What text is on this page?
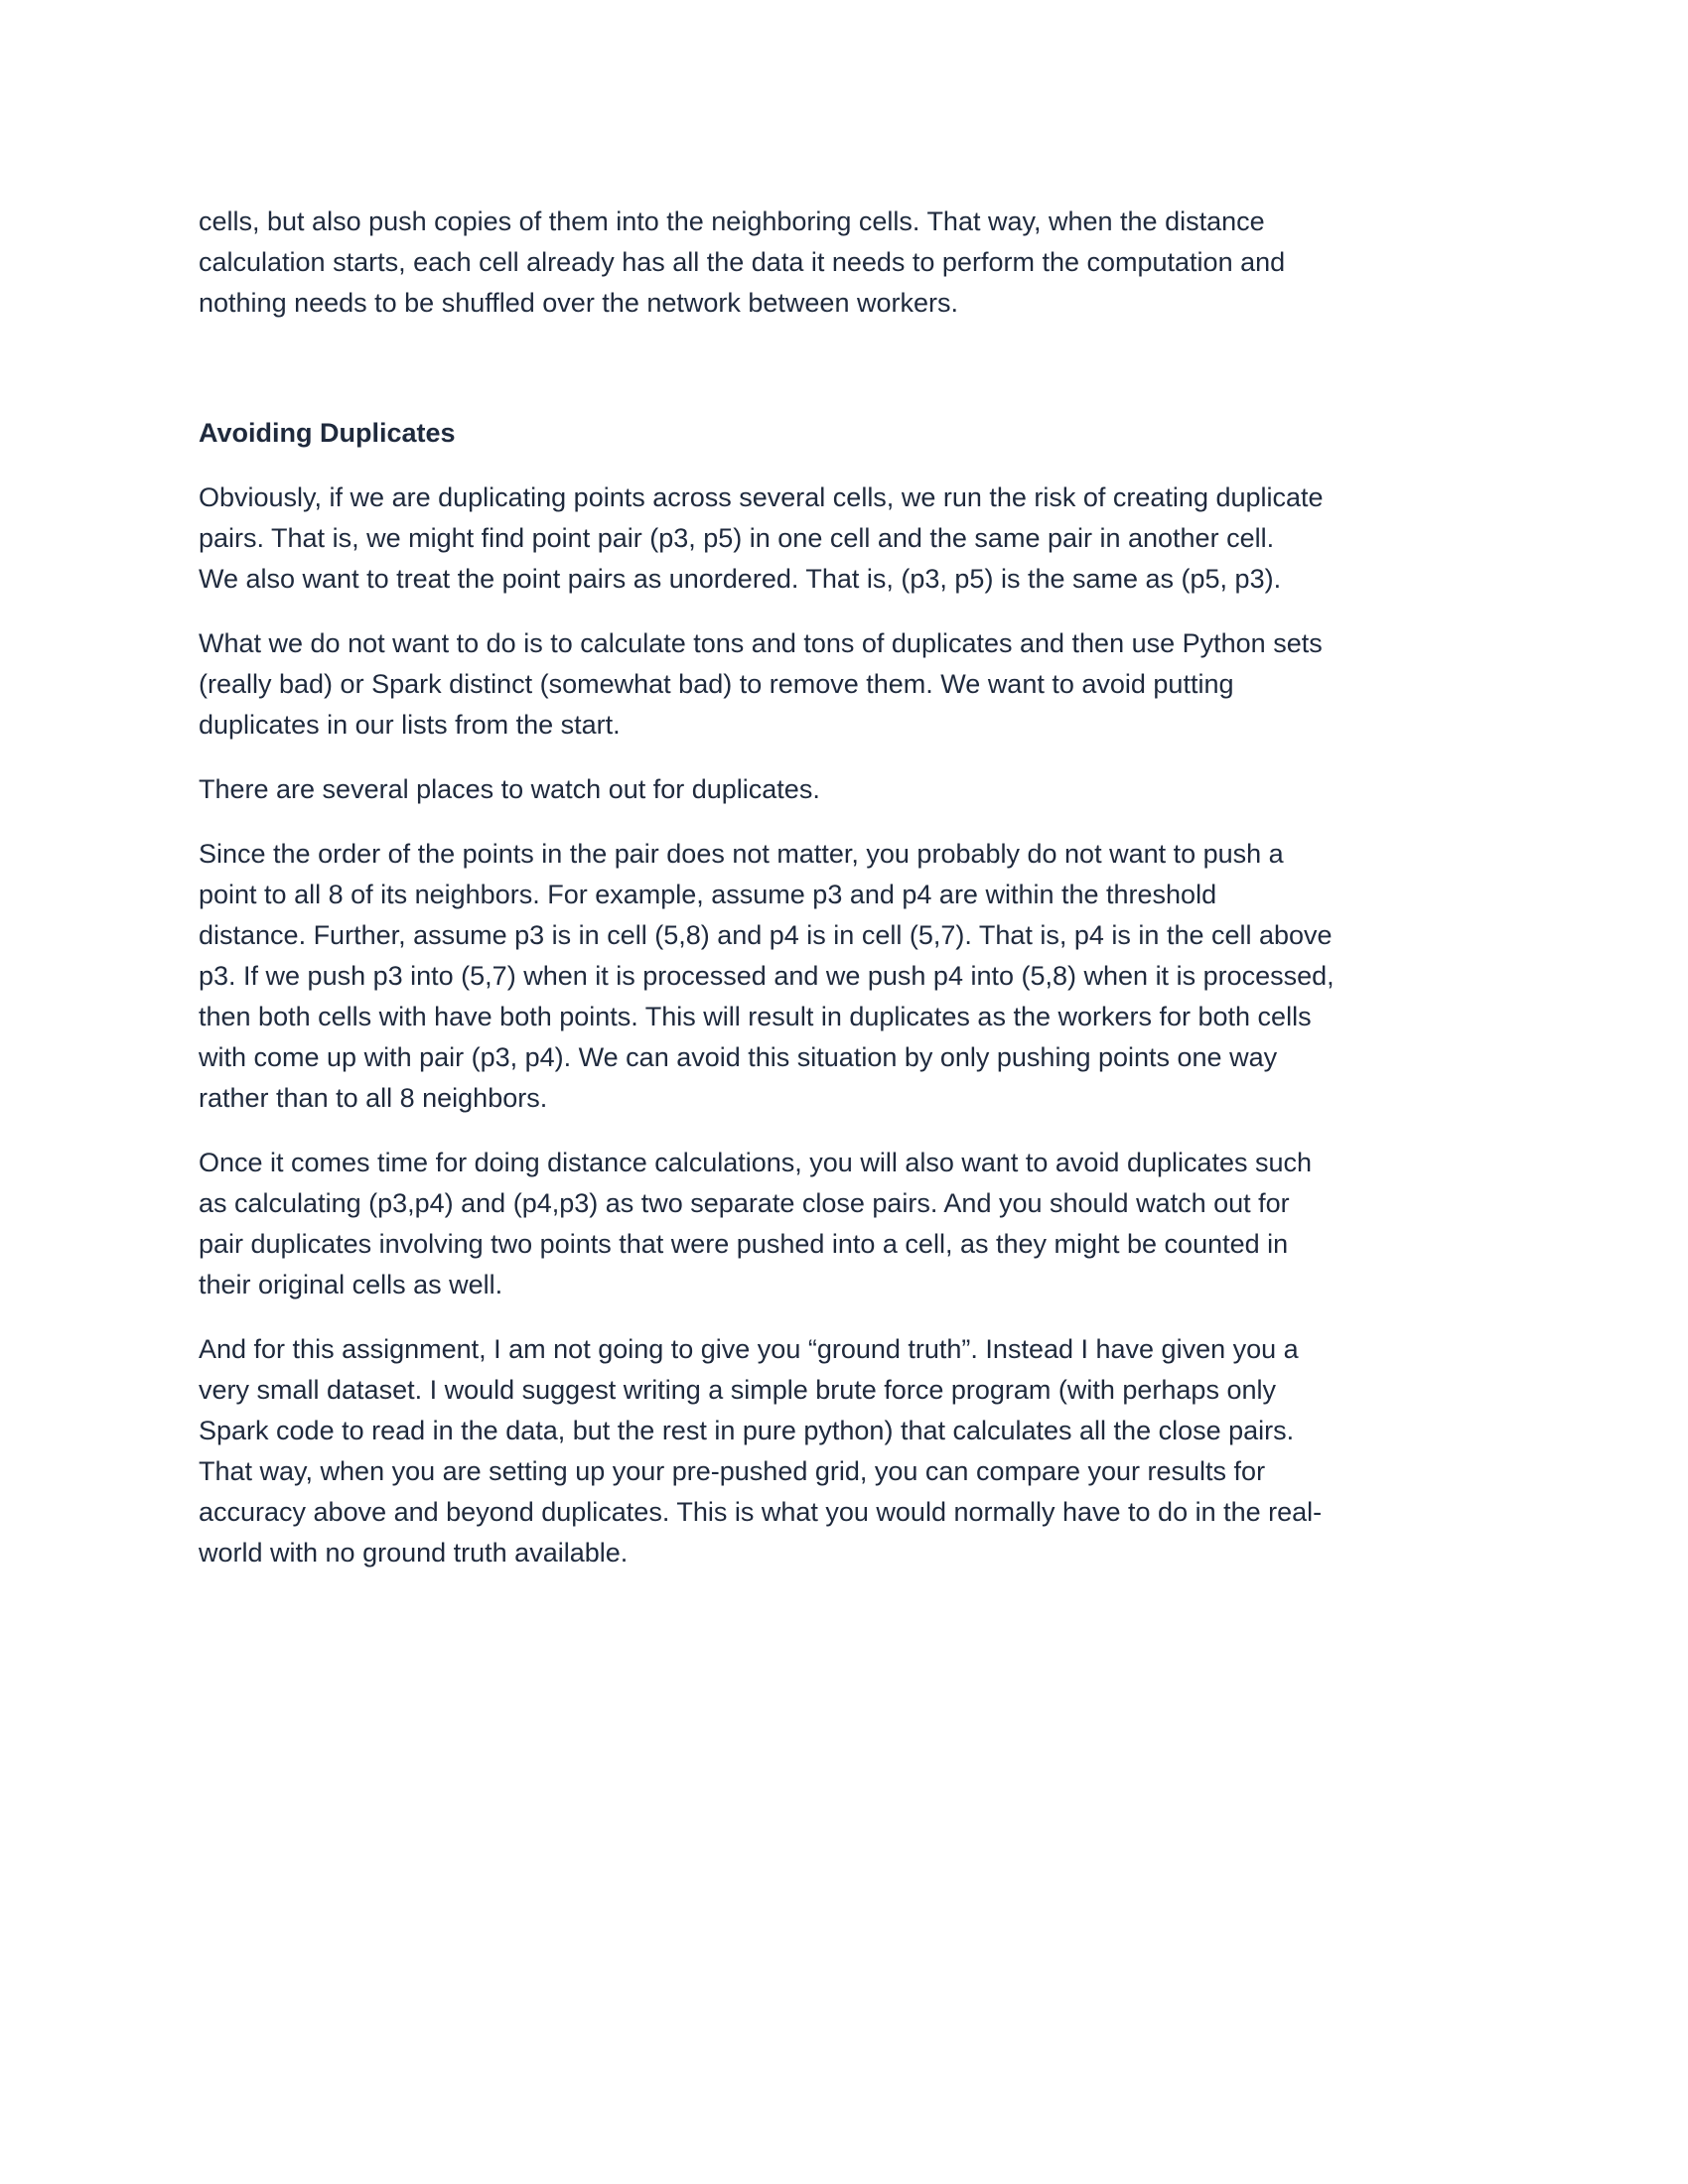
cells, but also push copies of them into the neighboring cells. That way, when the distance
calculation starts, each cell already has all the data it needs to perform the computation and
nothing needs to be shuffled over the network between workers.

Avoiding Duplicates

Obviously, if we are duplicating points across several cells, we run the risk of creating duplicate
pairs. That is, we might find point pair (p3, p5) in one cell and the same pair in another cell.
We also want to treat the point pairs as unordered. That is, (p3, p5) is the same as (p5, p3).

What we do not want to do is to calculate tons and tons of duplicates and then use Python sets
(really bad) or Spark distinct (somewhat bad) to remove them. We want to avoid putting
duplicates in our lists from the start.

There are several places to watch out for duplicates.

Since the order of the points in the pair does not matter, you probably do not want to push a
point to all 8 of its neighbors. For example, assume p3 and p4 are within the threshold
distance. Further, assume p3 is in cell (5,8) and p4 is in cell (5,7). That is, p4 is in the cell above
p3. If we push p3 into (5,7) when it is processed and we push p4 into (5,8) when it is processed,
then both cells with have both points. This will result in duplicates as the workers for both cells
with come up with pair (p3, p4). We can avoid this situation by only pushing points one way
rather than to all 8 neighbors.

Once it comes time for doing distance calculations, you will also want to avoid duplicates such
as calculating (p3,p4) and (p4,p3) as two separate close pairs. And you should watch out for
pair duplicates involving two points that were pushed into a cell, as they might be counted in
their original cells as well.

And for this assignment, I am not going to give you “ground truth”. Instead I have given you a
very small dataset. I would suggest writing a simple brute force program (with perhaps only
Spark code to read in the data, but the rest in pure python) that calculates all the close pairs.
That way, when you are setting up your pre-pushed grid, you can compare your results for
accuracy above and beyond duplicates. This is what you would normally have to do in the real-
world with no ground truth available.
